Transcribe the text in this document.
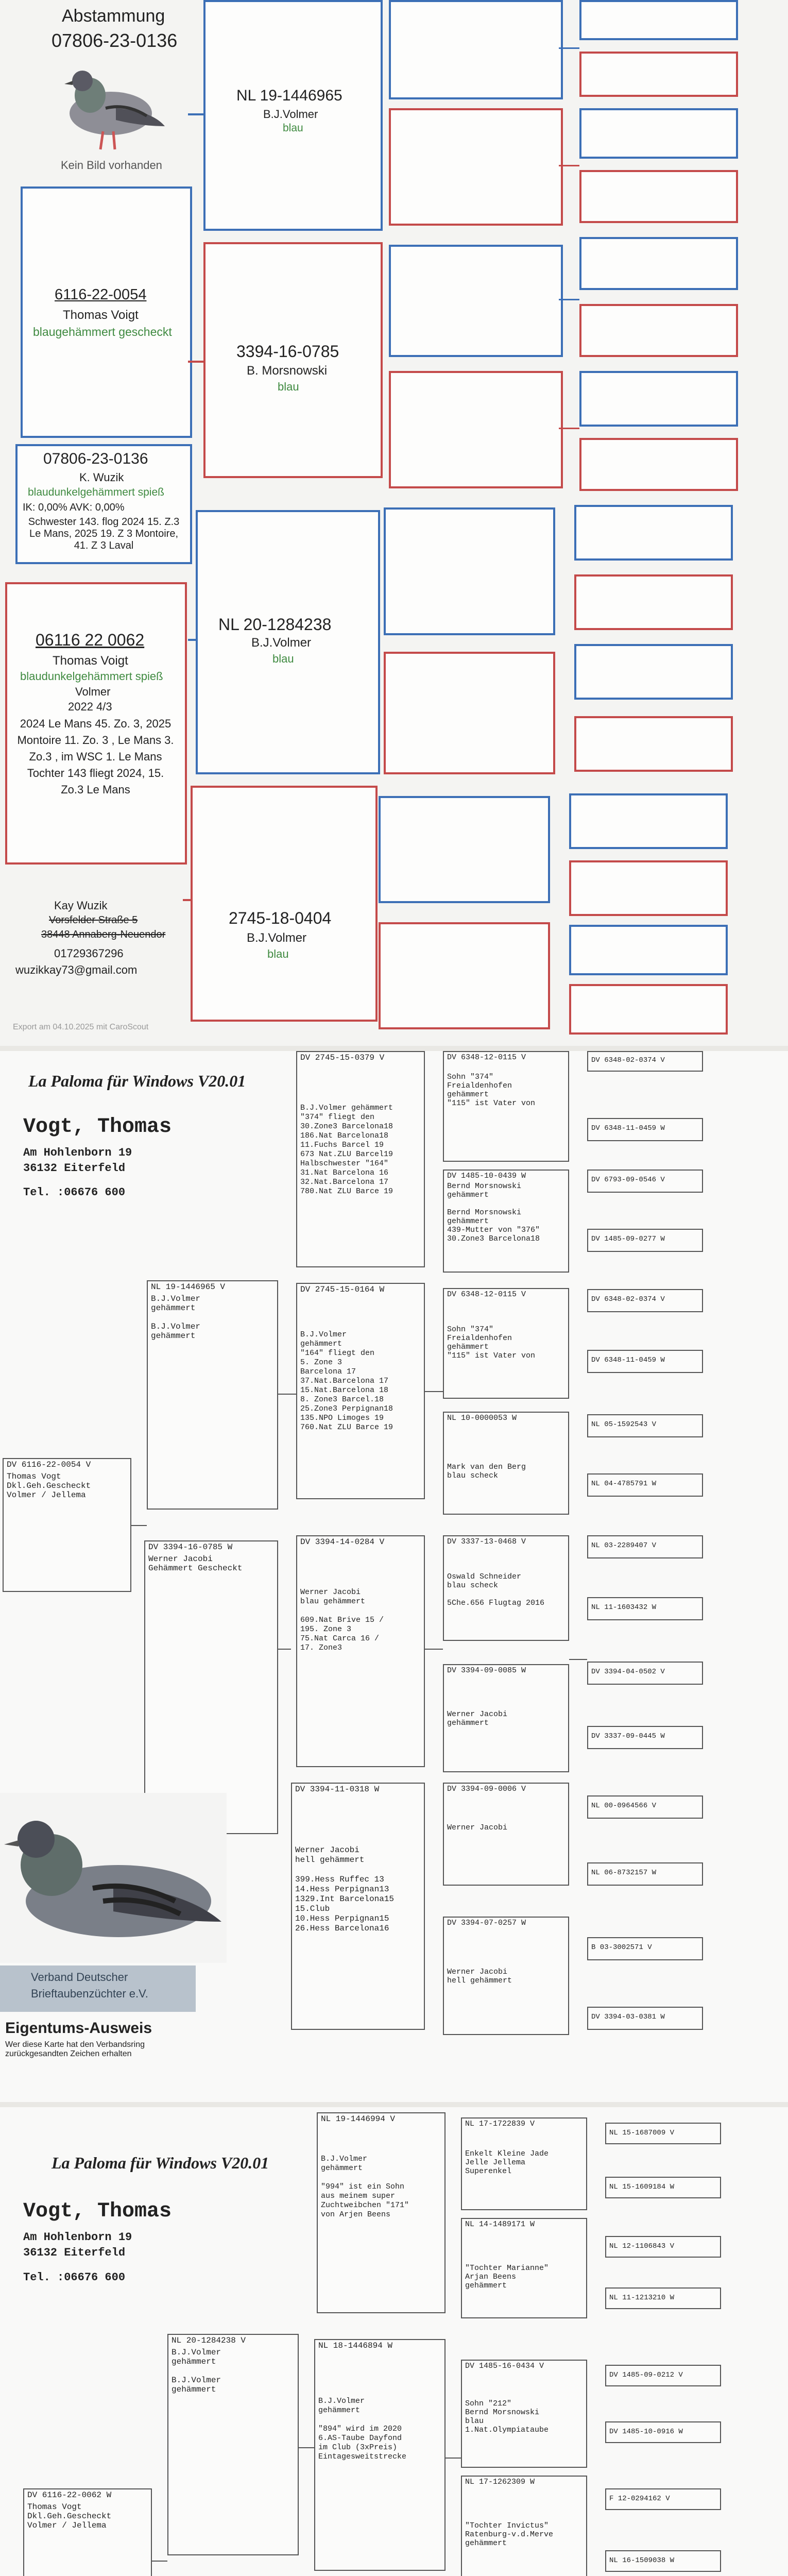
Abstammung
07806-23-0136
Kein Bild vorhanden
6116-22-0054
Thomas Voigt
blaugehämmert gescheckt
07806-23-0136
K. Wuzik
blaudunkelgehämmert spieß
IK: 0,00% AVK: 0,00%
Schwester 143. flog 2024 15. Z.3 Le Mans, 2025 19. Z 3 Montoire, 41. Z 3 Laval
06116 22 0062
Thomas Voigt
blaudunkelgehämmert spieß
Volmer
2022 4/3
2024 Le Mans 45. Zo. 3, 2025 Montoire 11. Zo. 3 , Le Mans 3. Zo.3 , im WSC 1. Le Mans Tochter 143 fliegt 2024, 15. Zo.3 Le Mans
NL 19-1446965
B.J.Volmer
blau
3394-16-0785
B. Morsnowski
blau
NL 20-1284238
B.J.Volmer
blau
2745-18-0404
B.J.Volmer
blau
Kay Wuzik
Vorsfelder Straße 5
38448 Annaberg-Neuendor
01729367296
wuzikkay73@gmail.com
Export am 04.10.2025 mit CaroScout
La Paloma für Windows V20.01
Vogt, Thomas
Am Hohlenborn 19
36132 Eiterfeld
Tel. :06676 600
DV 6116-22-0054 V
Thomas Vogt
Dkl.Geh.Gescheckt
Volmer / Jellema
NL 19-1446965 V
B.J.Volmer
gehämmert

B.J.Volmer
gehämmert
DV 3394-16-0785 W
Werner Jacobi
Gehämmert Gescheckt
DV 2745-15-0379 V
B.J.Volmer gehämmert
"374" fliegt den
30.Zone3 Barcelona18
186.Nat Barcelona18
11.Fuchs Barcel 19
673 Nat.ZLU Barcel19
Halbschwester "164"
31.Nat Barcelona 16
32.Nat.Barcelona 17
780.Nat ZLU Barce 19
DV 2745-15-0164 W
B.J.Volmer
gehämmert
"164" fliegt den
5. Zone 3
Barcelona 17
37.Nat.Barcelona 17
15.Nat.Barcelona 18
8. Zone3 Barcel.18
25.Zone3 Perpignan18
135.NPO Limoges 19
760.Nat ZLU Barce 19
DV 3394-14-0284 V
Werner Jacobi
blau gehämmert

609.Nat Brive 15 /
195. Zone 3
75.Nat Carca 16 /
17. Zone3
DV 3394-11-0318 W
Werner Jacobi
hell gehämmert

399.Hess Ruffec 13
14.Hess Perpignan13
1329.Int Barcelona15
15.Club
10.Hess Perpignan15
26.Hess Barcelona16
DV 6348-12-0115 V
Sohn "374"
Freialdenhofen
gehämmert
"115" ist Vater von
DV 1485-10-0439 W
Bernd Morsnowski
gehämmert

Bernd Morsnowski
gehämmert
439-Mutter von "376"
30.Zone3 Barcelona18
DV 6348-12-0115 V
Sohn "374"
Freialdenhofen
gehämmert
"115" ist Vater von
NL 10-0000053 W

Mark van den Berg
blau scheck
DV 3337-13-0468 V
Oswald Schneider
blau scheck

5Che.656 Flugtag 2016
DV 3394-09-0085 W

Werner Jacobi
gehämmert
DV 3394-09-0006 V

Werner Jacobi
DV 3394-07-0257 W

Werner Jacobi
hell gehämmert
DV 6348-02-0374 V
DV 6348-11-0459 W
DV 6793-09-0546 V
DV 1485-09-0277 W
DV 6348-02-0374 V
DV 6348-11-0459 W
NL 05-1592543 V
NL 04-4785791 W
NL 03-2289407 V
NL 11-1603432 W
DV 3394-04-0502 V
DV 3337-09-0445 W
NL 00-0964566 V
NL 06-8732157 W
B 03-3002571 V
DV 3394-03-0381 W
Verband Deutscher
Brieftaubenzüchter e.V.
Eigentums-Ausweis
Wer diese Karte hat den Verbandsring
zurückgesandten Zeichen erhalten
La Paloma für Windows V20.01
Vogt, Thomas
Am Hohlenborn 19
36132 Eiterfeld
Tel. :06676 600
DV 6116-22-0062 W
Thomas Vogt
Dkl.Geh.Gescheckt
Volmer / Jellema
NL 20-1284238 V
B.J.Volmer
gehämmert

B.J.Volmer
gehämmert
NL 19-1446994 V
B.J.Volmer
gehämmert

"994" ist ein Sohn
aus meinem super
Zuchtweibchen "171"
von Arjen Beens
NL 18-1446894 W
B.J.Volmer
gehämmert

"894" wird im 2020
6.AS-Taube Dayfond
im Club (3xPreis)
Eintagesweitstrecke
NL 17-1722839 V
Enkelt Kleine Jade
Jelle Jellema
Superenkel
NL 14-1489171 W

"Tochter Marianne"
Arjan Beens
gehämmert
DV 1485-16-0434 V
Sohn "212"
Bernd Morsnowski
blau
1.Nat.Olympiataube
NL 17-1262309 W

"Tochter Invictus"
Ratenburg-v.d.Merve
gehämmert
NL 15-1687009 V
NL 15-1609184 W
NL 12-1106843 V
NL 11-1213210 W
DV 1485-09-0212 V
DV 1485-10-0916 W
F 12-0294162 V
NL 16-1509038 W
